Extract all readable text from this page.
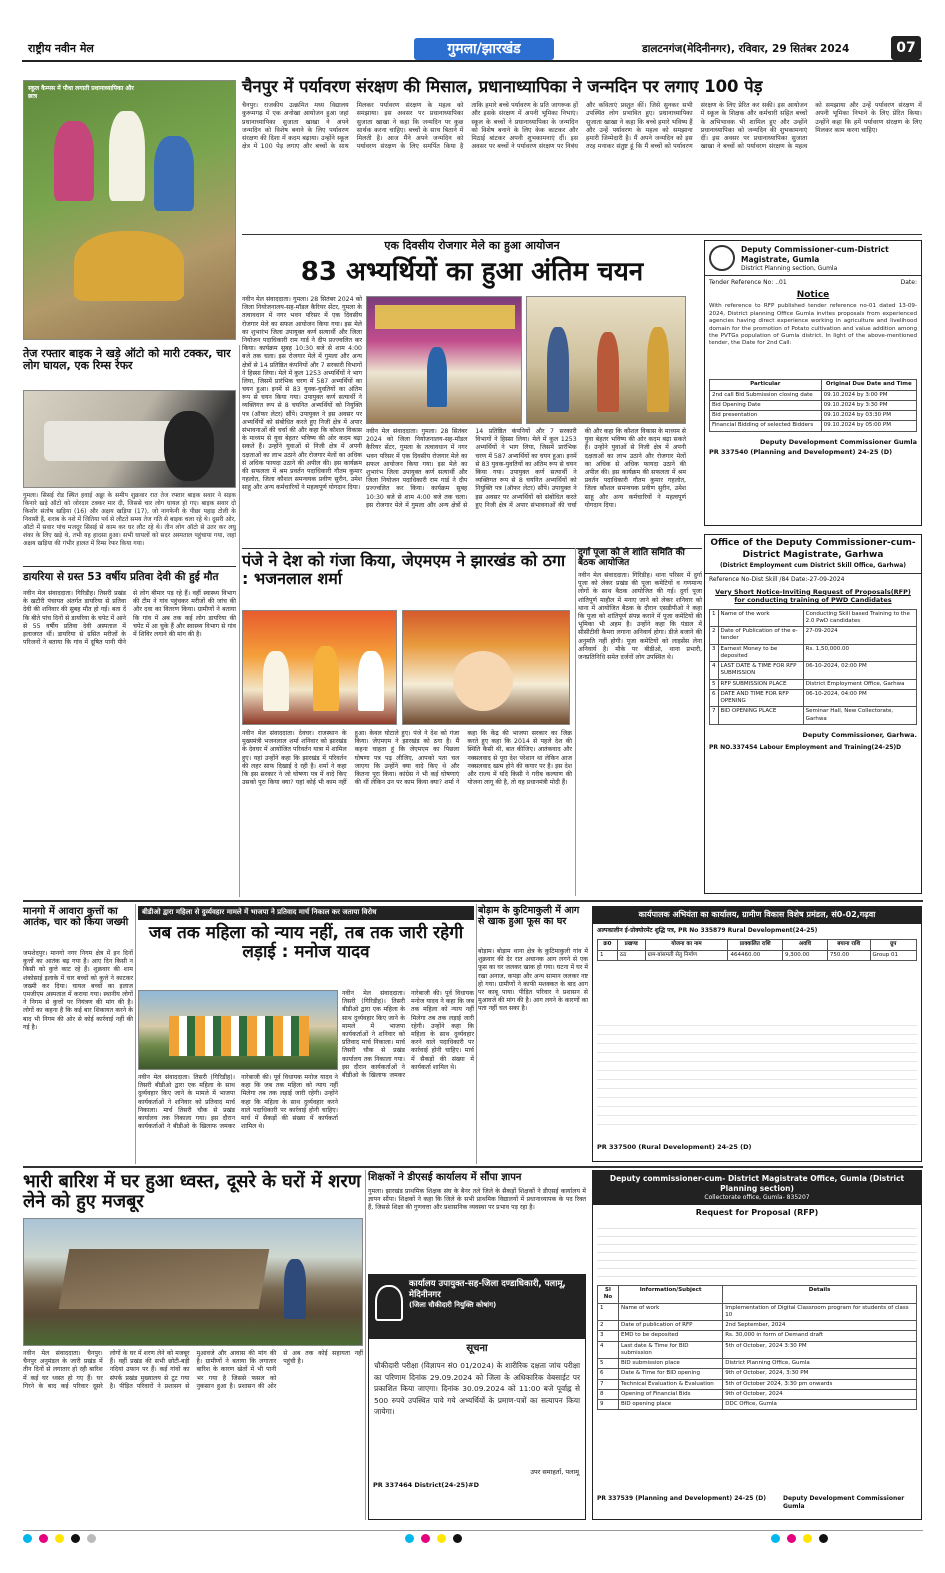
राष्ट्रीय नवीन मेल	गुमला/झारखंड	डालटनगंज(मेदिनीनगर), रविवार, 29 सितंबर 2024	07
स्कूल कैम्पस में पौधा लगाती प्रधानाध्यापिका और छात्र
चैनपुर में पर्यावरण संरक्षण की मिसाल, प्रधानाध्यापिका ने जन्मदिन पर लगाए 100 पेड़
चैनपुर। राजकीय उत्क्रमित मध्य विद्यालय कुरूमगढ़ में एक अनोखा आयोजन हुआ जहां प्रधानाध्यापिका सुजाता खाखा ने अपने जन्मदिन को विशेष बनाने के लिए पर्यावरण संरक्षण की दिशा में कदम बढ़ाया। उन्होंने स्कूल क्षेत्र में 100 पेड़ लगाए और बच्चों के साथ मिलकर पर्यावरण संरक्षण के महत्व को समझाया। इस अवसर पर प्रधानाध्यापिका सुजाता खाखा ने कहा कि जन्मदिन पर कुछ सार्थक करना चाहिए। बच्चों के साथ बिताने में मिलती है। आज मैंने अपने जन्मदिन को पर्यावरण संरक्षण के लिए समर्पित किया है ताकि हमारे बच्चे पर्यावरण के प्रति जागरूक हों और इसके संरक्षण में अपनी भूमिका निभाएं। स्कूल के बच्चों ने प्रधानाध्यापिका के जन्मदिन को विशेष बनाने के लिए केक काटकर और मिठाई बांटकर अपनी शुभकामनाएं दीं। इस अवसर पर बच्चों ने पर्यावरण संरक्षण पर निबंध और कविताएं प्रस्तुत कीं। जिसे सुनकर सभी उपस्थित लोग प्रभावित हुए। प्रधानाध्यापिका सुजाता खाखा ने कहा कि बच्चे हमारे भविष्य हैं और उन्हें पर्यावरण के महत्व को समझाना हमारी जिम्मेदारी है। मैं अपने जन्मदिन को इस तरह मनाकर संतुष्ट हूं कि मैं बच्चों को पर्यावरण संरक्षण के लिए प्रेरित कर सकी। इस आयोजन में स्कूल के शिक्षक और कर्मचारी सहित बच्चों के अभिभावक भी शामिल हुए और उन्होंने प्रधानाध्यापिका को जन्मदिन की शुभकामनाएं दीं। इस अवसर पर प्रधानाध्यापिका सुजाता खाखा ने बच्चों को पर्यावरण संरक्षण के महत्व को समझाया और उन्हें पर्यावरण संरक्षण में अपनी भूमिका निभाने के लिए प्रेरित किया। उन्होंने कहा कि हमें पर्यावरण संरक्षण के लिए मिलकर काम करना चाहिए।
तेज रफ्तार बाइक ने खड़े ऑटो को मारी टक्कर, चार लोग घायल, एक रिम्स रेफर
गुमला। सिसई रोड स्थित हवाई अड्डा के समीप शुक्रवार रात तेज रफ्तार बाइक सवार ने सड़क किनारे खड़े ऑटो को जोरदार टक्कर मार दी, जिससे चार लोग घायल हो गए। बाइक सवार दो किशोर संतोष खड़िया (16) और अक्षय खड़िया (17), जो नागफेनी के पीछा पहाड़ टोली के निवासी हैं, शराब के नशे में जितिया पर्व से लौटते समय तेज गति से बाइक चला रहे थे। दूसरी ओर, ऑटो में सवार पांच मजदूर सिसई से काम कर घर लौट रहे थे। तीन लोग ऑटो से उतर कर लघु शंका के लिए खड़े थे, तभी यह हादसा हुआ। सभी घायलों को सदर अस्पताल पहुंचाया गया, जहां अक्षय खड़िया की गंभीर हालत में रिम्स रेफर किया गया।
डायरिया से ग्रस्त 53 वर्षीय प्रतिवा देवी की हुई मौत
नवीन मेल संवाददाता। गिरिडीह। तिसरी प्रखंड के खटौरी पंचायत अंतर्गत डायरिया से प्रतिवा देवी की शनिवार की सुबह मौत हो गई। बता दें कि बीते पांच दिनों से डायरिया के चपेट में आने से 55 वर्षीय प्रतिवा देवी अस्पताल में इलाजरत थीं। डायरिया से ग्रसित मरीजों के परिजनों ने बताया कि गांव में दूषित पानी पीने से लोग बीमार पड़ रहे हैं। वहीं स्वास्थ्य विभाग की टीम ने गांव पहुंचकर मरीजों की जांच की और दवा का वितरण किया। ग्रामीणों ने बताया कि गांव में अब तक कई लोग डायरिया की चपेट में आ चुके हैं और स्वास्थ्य विभाग से गांव में शिविर लगाने की मांग की है।
एक दिवसीय रोजगार मेले का हुआ आयोजन
83 अभ्यर्थियों का हुआ अंतिम चयन
नवीन मेल संवाददाता। गुमला। 28 सितंबर 2024 को जिला नियोजनालय-सह-मॉडल कैरियर सेंटर, गुमला के तत्वावधान में नगर भवन परिसर में एक दिवसीय रोजगार मेले का सफल आयोजन किया गया। इस मेले का शुभारंभ जिला उपायुक्त कर्ण सत्यार्थी और जिला नियोजन पदाधिकारी राम गार्ड ने दीप प्रज्ज्वलित कर किया। कार्यक्रम सुबह 10:30 बजे से शाम 4:00 बजे तक चला। इस रोजगार मेले में गुमला और अन्य क्षेत्रों से 14 प्रतिष्ठित कंपनियों और 7 सरकारी विभागों ने हिस्सा लिया। मेले में कुल 1253 अभ्यर्थियों ने भाग लिया, जिसमें प्रारंभिक चरण में 587 अभ्यर्थियों का चयन हुआ। इनमें से 83 युवक-युवतियों का अंतिम रूप से चयन किया गया। उपायुक्त कर्ण सत्यार्थी ने व्यक्तिगत रूप से 8 चयनित अभ्यर्थियों को नियुक्ति पत्र (ऑफर लेटर) सौंपे। उपायुक्त ने इस अवसर पर अभ्यर्थियों को संबोधित करते हुए निजी क्षेत्र में अपार संभावनाओं की चर्चा की और कहा कि कौशल विकास के माध्यम से युवा बेहतर भविष्य की ओर कदम बढ़ा सकते हैं। उन्होंने युवाओं से निजी क्षेत्र में अपनी दक्षताओं का लाभ उठाने और रोजगार मेलों का अधिक से अधिक फायदा उठाने की अपील की। इस कार्यक्रम की सफलता में श्रम प्रवर्तन पदाधिकारी गौतम कुमार गहलोत, जिला कौशल समन्वयक प्रवीण सुरीन, उमेश साहू और अन्य कर्मचारियों ने महत्वपूर्ण योगदान दिया।
नवीन मेल संवाददाता। गुमला। 28 सितंबर 2024 को जिला नियोजनालय-सह-मॉडल कैरियर सेंटर, गुमला के तत्वावधान में नगर भवन परिसर में एक दिवसीय रोजगार मेले का सफल आयोजन किया गया। इस मेले का शुभारंभ जिला उपायुक्त कर्ण सत्यार्थी और जिला नियोजन पदाधिकारी राम गार्ड ने दीप प्रज्ज्वलित कर किया। कार्यक्रम सुबह 10:30 बजे से शाम 4:00 बजे तक चला। इस रोजगार मेले में गुमला और अन्य क्षेत्रों से 14 प्रतिष्ठित कंपनियों और 7 सरकारी विभागों ने हिस्सा लिया। मेले में कुल 1253 अभ्यर्थियों ने भाग लिया, जिसमें प्रारंभिक चरण में 587 अभ्यर्थियों का चयन हुआ। इनमें से 83 युवक-युवतियों का अंतिम रूप से चयन किया गया। उपायुक्त कर्ण सत्यार्थी ने व्यक्तिगत रूप से 8 चयनित अभ्यर्थियों को नियुक्ति पत्र (ऑफर लेटर) सौंपे। उपायुक्त ने इस अवसर पर अभ्यर्थियों को संबोधित करते हुए निजी क्षेत्र में अपार संभावनाओं की चर्चा की और कहा कि कौशल विकास के माध्यम से युवा बेहतर भविष्य की ओर कदम बढ़ा सकते हैं। उन्होंने युवाओं से निजी क्षेत्र में अपनी दक्षताओं का लाभ उठाने और रोजगार मेलों का अधिक से अधिक फायदा उठाने की अपील की। इस कार्यक्रम की सफलता में श्रम प्रवर्तन पदाधिकारी गौतम कुमार गहलोत, जिला कौशल समन्वयक प्रवीण सुरीन, उमेश साहू और अन्य कर्मचारियों ने महत्वपूर्ण योगदान दिया।
पंजे ने देश को गंजा किया, जेएमएम ने झारखंड को ठगा : भजनलाल शर्मा
नवीन मेल संवाददाता। देवघर। राजस्थान के मुख्यमंत्री भजनलाल शर्मा शनिवार को झारखंड के देवघर में आयोजित परिवर्तन यात्रा में शामिल हुए। यहां उन्होंने कहा कि झारखंड में परिवर्तन की लहर साफ दिखाई दे रही है। शर्मा ने कहा कि इस सरकार ने जो घोषणा पत्र में वादे किए उसको पूरा किया क्या? यहां कोई भी काम नहीं हुआ। केवल घोटाले हुए। पंजे ने देश को गंजा किया। जेएमएम ने झारखंड को ठगा है। मैं कहना चाहता हूं कि जेएमएम का पिछला घोषणा पत्र पढ़ लीजिए, आपको पता चल जाएगा कि उन्होंने क्या वादे किए थे और कितना पूरा किया। कांग्रेस ने भी कई घोषणाएं की थीं लेकिन उन पर काम किया क्या? शर्मा ने कहा कि केंद्र की भाजपा सरकार का जिक्र करते हुए कहा कि 2014 से पहले देश की स्थिति कैसी थी, बात कीजिए। आतंकवाद और नक्सलवाद से पूरा देश परेशान था लेकिन आज नक्सलवाद खत्म होने की कगार पर है। इस देश और राज्य में यदि किसी ने गरीब कल्याण की योजना लागू की है, तो वह प्रधानमंत्री मोदी हैं।
दुर्गा पूजा को ले शांति समिति की बैठक आयोजित
नवीन मेल संवाददाता। गिरिडीह। थाना परिसर में दुर्गा पूजा को लेकर प्रखंड की पूजा कमेटियों व गणमान्य लोगों के साथ बैठक आयोजित की गई। दुर्गा पूजा शांतिपूर्ण माहौल में मनाए जाने को लेकर शनिवार को थाना में आयोजित बैठक के दौरान एसडीपीओ ने कहा कि पूजा को शांतिपूर्ण संपन्न कराने में पूजा कमेटियों की भूमिका भी अहम है। उन्होंने कहा कि पंडाल में सीसीटीवी कैमरा लगाना अनिवार्य होगा। डीजे बजाने की अनुमति नहीं होगी। पूजा कमेटियों को लाइसेंस लेना अनिवार्य है। मौके पर बीडीओ, थाना प्रभारी, जनप्रतिनिधि समेत दर्जनों लोग उपस्थित थे।
Deputy Commissioner-cum-District Magistrate, Gumla
District Planning section, Gumla
Tender Reference No: ..01	Date:
Notice
With reference to RFP published tender reference no-01 dated 13-09-2024, District planning Office Gumla invites proposals from experienced agencies having direct experience working in agriculture and livelihood domain for the promotion of Potato cultivation and value addition among the PVTGs population of Gumla district. In light of the above-mentioned tender, the Date for 2nd Call:
Particular	Original Due Date and Time
2nd call Bid Submission closing date	09.10.2024 by 3:00 PM
Bid Opening Date	09.10.2024 by 3:30 PM
Bid presentation	09.10.2024 by 03:30 PM
Financial Bidding of selected Bidders	09.10.2024 by 05:00 PM
Deputy Development Commissioner Gumla
PR 337540 (Planning and Development) 24-25 (D)
Office of the Deputy Commissioner-cum-District Magistrate, Garhwa
(District Employment cum District Skill Office, Garhwa)
Reference No-Dist Skill /84 Date:-27-09-2024
Very Short Notice-Inviting Request of Proposals(RFP) for conducting training of PWD Candidates
1	Name of the work	Conducting Skill based Training to the 2.0 PwD candidates
2	Date of Publication of the e-tender	27-09-2024
3	Earnest Money to be deposited	Rs. 1,50,000.00
4	LAST DATE & TIME FOR RFP SUBMISSION	06-10-2024, 02:00 PM
5	RFP SUBMISSION PLACE	District Employment Office, Garhwa
6	DATE AND TIME FOR RFP OPENING	06-10-2024, 04:00 PM
7	BID OPENING PLACE	Seminar Hall, New Collectorate, Garhwa
Deputy Commissioner, Garhwa.
PR NO.337454 Labour Employment and Training(24-25)D
मानगो में आवारा कुत्तों का आतंक, चार को किया जख्मी
जमशेदपुर। मानगो नगर निगम क्षेत्र में इन दिनों कुत्तों का आतंक बढ़ गया है। आए दिन किसी न किसी को कुत्ते काट रहे हैं। शुक्रवार की शाम शंकोसाई इलाके में चार बच्चों को कुत्ते ने काटकर जख्मी कर दिया। घायल बच्चों का इलाज एमजीएम अस्पताल में कराया गया। स्थानीय लोगों ने निगम से कुत्तों पर नियंत्रण की मांग की है। लोगों का कहना है कि कई बार शिकायत करने के बाद भी निगम की ओर से कोई कार्रवाई नहीं की गई है।
बीडीओ द्वारा महिला से दुर्व्यवहार मामले में भाजपा ने प्रतिवाद मार्च निकाल कर जताया विरोध
जब तक महिला को न्याय नहीं, तब तक जारी रहेगी लड़ाई : मनोज यादव
नवीन मेल संवाददाता। तिसरी (गिरिडीह)। तिसरी बीडीओ द्वारा एक महिला के साथ दुर्व्यवहार किए जाने के मामले में भाजपा कार्यकर्ताओं ने शनिवार को प्रतिवाद मार्च निकाला। मार्च तिसरी चौक से प्रखंड कार्यालय तक निकाला गया। इस दौरान कार्यकर्ताओं ने बीडीओ के खिलाफ जमकर नारेबाजी की। पूर्व विधायक मनोज यादव ने कहा कि जब तक महिला को न्याय नहीं मिलेगा तब तक लड़ाई जारी रहेगी। उन्होंने कहा कि महिला के साथ दुर्व्यवहार करने वाले पदाधिकारी पर कार्रवाई होनी चाहिए। मार्च में सैकड़ों की संख्या में कार्यकर्ता शामिल थे।
नवीन मेल संवाददाता। तिसरी (गिरिडीह)। तिसरी बीडीओ द्वारा एक महिला के साथ दुर्व्यवहार किए जाने के मामले में भाजपा कार्यकर्ताओं ने शनिवार को प्रतिवाद मार्च निकाला। मार्च तिसरी चौक से प्रखंड कार्यालय तक निकाला गया। इस दौरान कार्यकर्ताओं ने बीडीओ के खिलाफ जमकर नारेबाजी की। पूर्व विधायक मनोज यादव ने कहा कि जब तक महिला को न्याय नहीं मिलेगा तब तक लड़ाई जारी रहेगी। उन्होंने कहा कि महिला के साथ दुर्व्यवहार करने वाले पदाधिकारी पर कार्रवाई होनी चाहिए। मार्च में सैकड़ों की संख्या में कार्यकर्ता शामिल थे।
बोड़ाम के कुटिमाकुली में आग से खाक हुआ फूस का घर
बोड़ाम। बोड़ाम थाना क्षेत्र के कुटिमाकुली गांव में शुक्रवार की देर रात अचानक आग लगने से एक फूस का घर जलकर खाक हो गया। घटना में घर में रखा अनाज, कपड़ा और अन्य सामान जलकर नष्ट हो गया। ग्रामीणों ने काफी मशक्कत के बाद आग पर काबू पाया। पीड़ित परिवार ने प्रशासन से मुआवजे की मांग की है। आग लगने के कारणों का पता नहीं चल सका है।
कार्यपालक अभियंता का कार्यालय, ग्रामीण विकास विशेष प्रमंडल, सं0-02,गढ़वा
अल्पकालीन ई-प्रोक्योरमेंट शुद्धि पत्र, PR No 335879 Rural Development(24-25)
क्र0	प्रखण्ड	योजना का नाम	प्राक्कलित राशि	अवधि	बयाना राशि	ग्रुप
1	ठठ	ग्राम-बांसमती सेतु निर्माण	464460.00	9,300.00	750.00	Group 01
PR 337500 (Rural Development) 24-25 (D)
भारी बारिश में घर हुआ ध्वस्त, दूसरे के घरों में शरण लेने को हुए मजबूर
नवीन मेल संवाददाता। चैनपुर। चैनपुर अनुमंडल के जारी प्रखंड में तीन दिनों से लगातार हो रही बारिश में कई घर ध्वस्त हो गए हैं। घर गिरने के बाद कई परिवार दूसरे लोगों के घर में शरण लेने को मजबूर हैं। वहीं प्रखंड की सभी छोटी-बड़ी नदियां उफान पर हैं। कई गांवों का संपर्क प्रखंड मुख्यालय से टूट गया है। पीड़ित परिवारों ने प्रशासन से मुआवजे और आवास की मांग की है। ग्रामीणों ने बताया कि लगातार बारिश के कारण खेतों में भी पानी भर गया है जिससे फसल को नुकसान हुआ है। प्रशासन की ओर से अब तक कोई सहायता नहीं पहुंची है।
शिक्षकों ने डीएसई कार्यालय में सौंपा ज्ञापन
गुमला। झारखंड प्राथमिक शिक्षक संघ के बैनर तले जिले के सैकड़ों शिक्षकों ने डीएसई कार्यालय में ज्ञापन सौंपा। शिक्षकों ने कहा कि जिले के सभी प्राथमिक विद्यालयों में प्रधानाध्यापक के पद रिक्त हैं, जिससे शिक्षा की गुणवत्ता और प्रशासनिक व्यवस्था पर प्रभाव पड़ रहा है।
कार्यालय उपायुक्त-सह-जिला दण्डाधिकारी, पलामू, मेदिनीनगर
(जिला चौकीदारी नियुक्ति कोषांग)
सूचना
चौकीदारी परीक्षा (विज्ञापन सं0 01/2024) के शारीरिक दक्षता जांच परीक्षा का परिणाम दिनांक 29.09.2024 को जिला के अधिकारिक वेबसाईट पर प्रकाशित किया जाएगा। दिनांक 30.09.2024 को 11:00 बजे पूर्वाह्न से 500 रुपये उपस्थित पाये गये अभ्यर्थियों के प्रमाण-पत्रों का सत्यापन किया जायेगा।
उपर समाहर्ता, पलामू
PR 337464 District(24-25)#D
Deputy commissioner-cum- District Magistrate Office, Gumla (District Planning section)
Collectorate office, Gumla- 835207
Request for Proposal (RFP)
Sl No	Information/Subject	Details
1	Name of work	Implementation of Digital Classroom program for students of class 10
2	Date of publication of RFP	2nd September, 2024
3	EMD to be deposited	Rs. 30,000 in form of Demand draft
4	Last date & Time for BID submission	5th of October, 2024 3:30 PM
5	BID submission place	District Planning Office, Gumla
6	Date & Time for BID opening	9th of October, 2024, 3:30 PM
7	Technical Evaluation & Evaluation	5th of October 2024, 3:30 pm onwards
8	Opening of Financial Bids	9th of October, 2024
9	BID opening place	DDC Office, Gumla
PR 337539 (Planning and Development) 24-25 (D)	Deputy Development Commissioner Gumla
